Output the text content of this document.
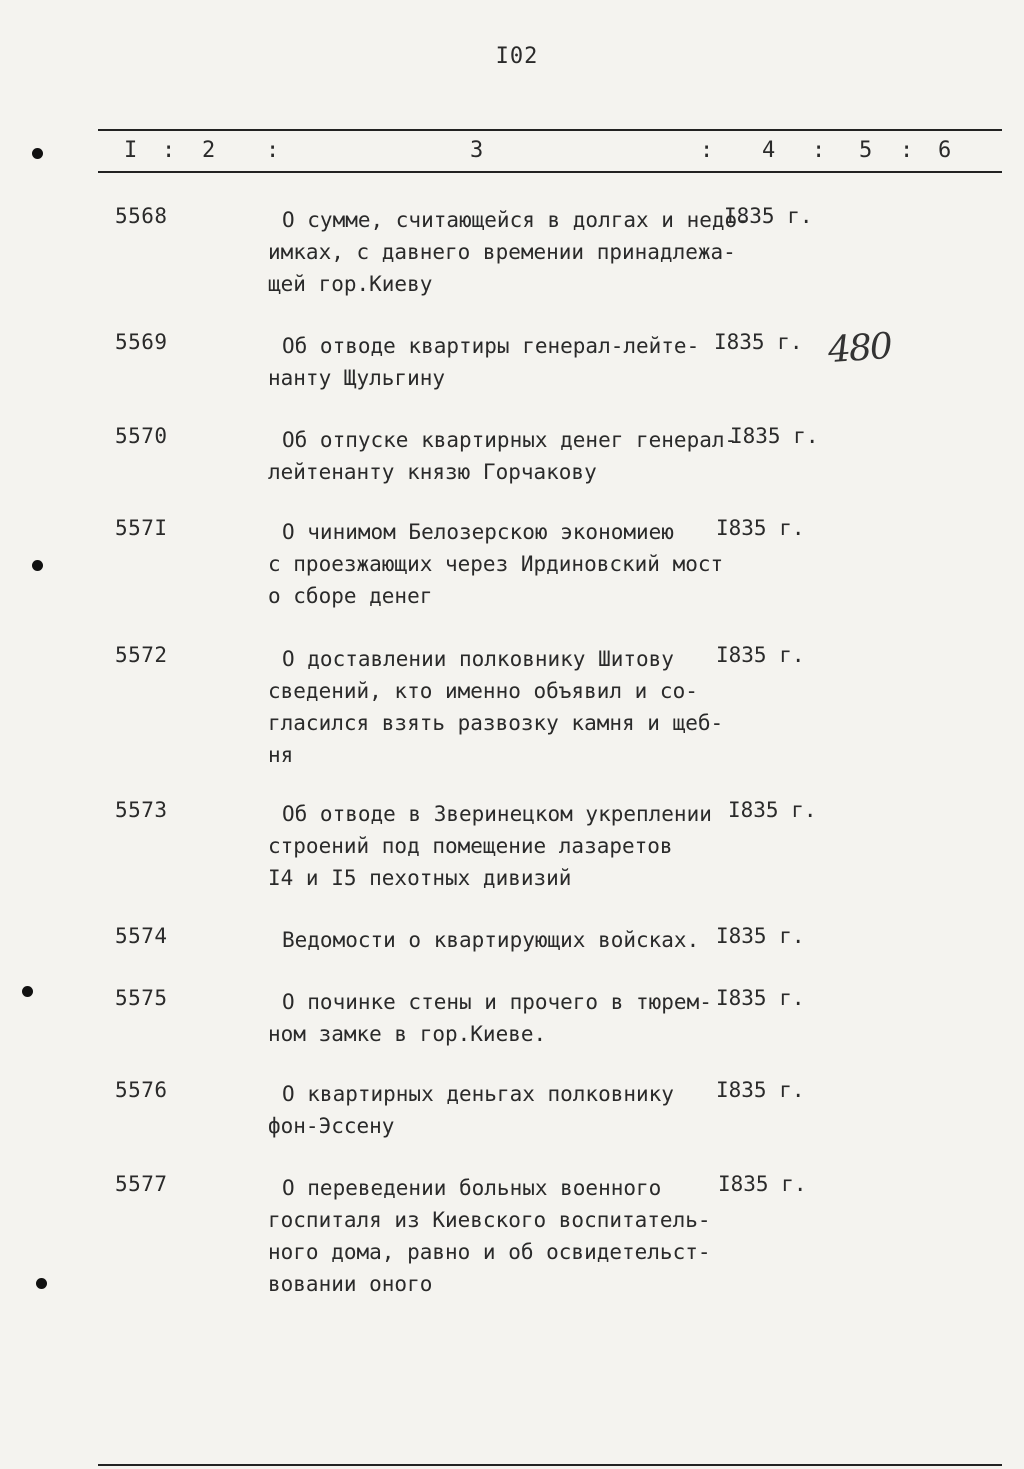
I02
I : 2 :	3	: 4 : 5 : 6
5568	О сумме, считающейся в долгах и недо-
имках, с давнего времении принадлежа-
щей гор.Киеву
I835 г.
5569	Об отводе квартиры генерал-лейте-
нанту Щульгину
I835 г.
5570	Об отпуске квартирных денег генерал-
лейтенанту князю Горчакову
I835 г.
557I	О чинимом Белозерскою экономиею
с проезжающих через Ирдиновский мост
о сборе денег
I835 г.
5572	О доставлении полковнику Шитову
сведений, кто именно объявил и со-
гласился взять развозку камня и щеб-
ня
I835 г.
5573	Об отводе в Зверинецком укреплении
строений под помещение лазаретов
I4 и I5 пехотных дивизий
I835 г.
5574	Ведомости о квартирующих войсках. I835 г.
5575	О починке стены и прочего в тюрем-
ном замке в гор.Киеве.
I835 г.
5576	О квартирных деньгах полковнику
фон-Эссену
I835 г.
5577	О переведении больных военного
госпиталя из Киевского воспитатель-
ного дома, равно и об освидетельст-
вовании оного
I835 г.
480
